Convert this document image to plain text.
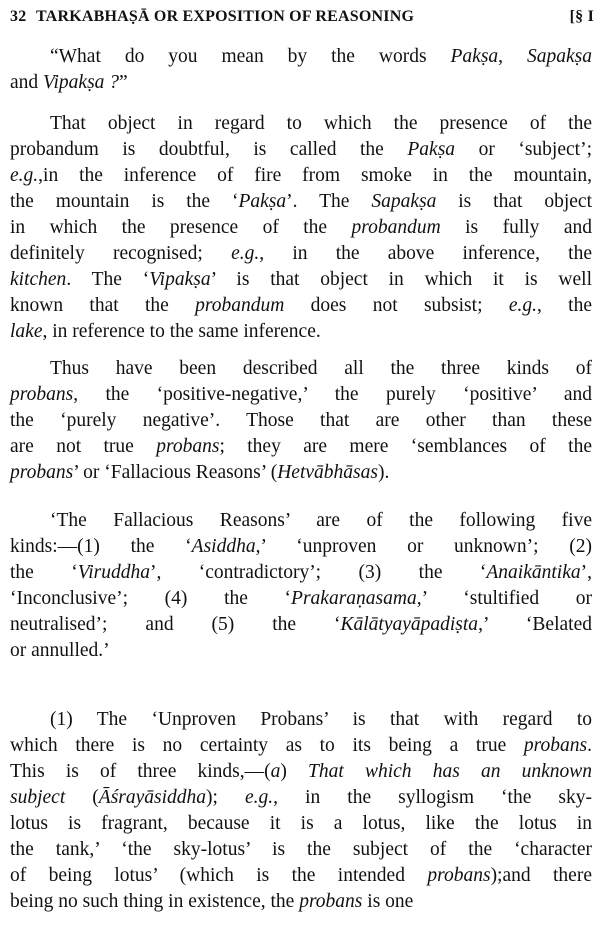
32 TARKABHAṢĀ OR EXPOSITION OF REASONING	[§ I
“What do you mean by the words Pakṣa, Sapakṣa
and Vipakṣa ?”
That object in regard to which the presence of the
probandum is doubtful, is called the Pakṣa or ‘subject’;
e.g.,in the inference of fire from smoke in the mountain,
the mountain is the ‘Pakṣa’. The Sapakṣa is that object
in which the presence of the probandum is fully and
definitely recognised; e.g., in the above inference, the
kitchen. The ‘Vipakṣa’ is that object in which it is well
known that the probandum does not subsist; e.g., the
lake, in reference to the same inference.
Thus have been described all the three kinds of
probans, the ‘positive-negative,’ the purely ‘positive’ and
the ‘purely negative’. Those that are other than these
are not true probans; they are mere ‘semblances of the
probans’ or ‘Fallacious Reasons’ (Hetvābhāsas).
‘The Fallacious Reasons’ are of the following five
kinds:—(1) the ‘Asiddha,’ ‘unproven or unknown’; (2)
the ‘Viruddha’, ‘contradictory’; (3) the ‘Anaikāntika’,
‘Inconclusive’; (4) the ‘Prakaraṇasama,’ ‘stultified or
neutralised’; and (5) the ‘Kālātyayāpadiṣta,’ ‘Belated
or annulled.’
(1) The ‘Unproven Probans’ is that with regard to
which there is no certainty as to its being a true probans.
This is of three kinds,—(a) That which has an unknown
subject (Āśrayāsiddha); e.g., in the syllogism ‘the sky-
lotus is fragrant, because it is a lotus, like the lotus in
the tank,’ ‘the sky-lotus’ is the subject of the ‘character
of being lotus’ (which is the intended probans);and there
being no such thing in existence, the probans is one
